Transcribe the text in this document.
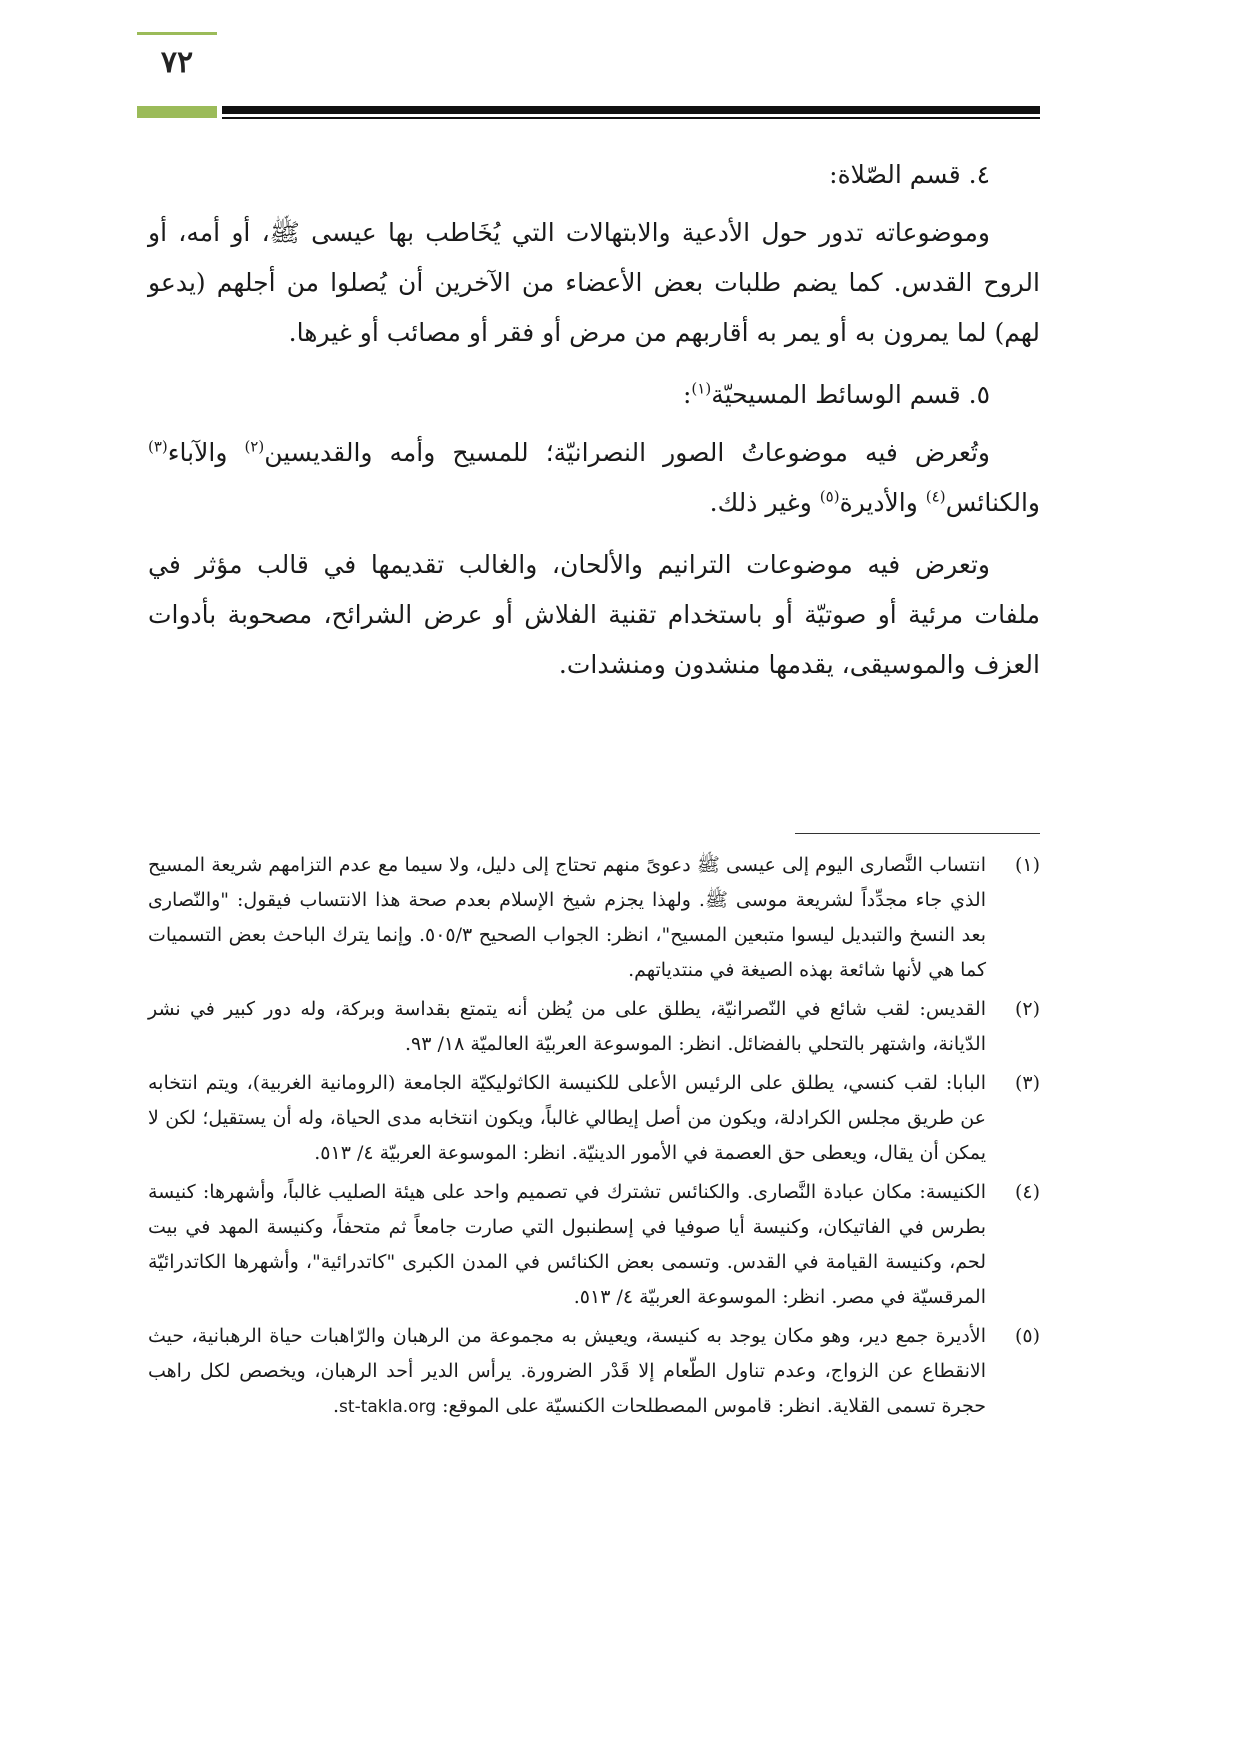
٧٢

٤. قسم الصّلاة:

وموضوعاته تدور حول الأدعية والابتهالات التي يُخَاطب بها عيسى ﷺ، أو أمه، أو الروح القدس. كما يضم طلبات بعض الأعضاء من الآخرين أن يُصلوا من أجلهم (يدعو لهم) لما يمرون به أو يمر به أقاربهم من مرض أو فقر أو مصائب أو غيرها.

٥. قسم الوسائط المسيحيّة$^{(١)}$:

وتُعرض فيه موضوعاتُ الصور النصرانيّة؛ للمسيح وأمه والقديسين$^{(٢)}$ والآباء$^{(٣)}$ والكنائس$^{(٤)}$ والأديرة$^{(٥)}$ وغير ذلك.

وتعرض فيه موضوعات الترانيم والألحان، والغالب تقديمها في قالب مؤثر في ملفات مرئية أو صوتيّة أو باستخدام تقنية الفلاش أو عرض الشرائح، مصحوبة بأدوات العزف والموسيقى، يقدمها منشدون ومنشدات.

(١)
انتساب النَّصارى اليوم إلى عيسى ﷺ دعوىً منهم تحتاج إلى دليل، ولا سيما مع عدم التزامهم شريعة المسيح الذي جاء مجدِّداً لشريعة موسى ﷺ. ولهذا يجزم شيخ الإسلام بعدم صحة هذا الانتساب فيقول: "والنّصارى بعد النسخ والتبديل ليسوا متبعين المسيح"، انظر: الجواب الصحيح ٥٠٥/٣. وإنما يترك الباحث بعض التسميات كما هي لأنها شائعة بهذه الصيغة في منتدياتهم.
(٢)
القديس: لقب شائع في النّصرانيّة، يطلق على من يُظن أنه يتمتع بقداسة وبركة، وله دور كبير في نشر الدّيانة، واشتهر بالتحلي بالفضائل. انظر: الموسوعة العربيّة العالميّة ١٨/ ٩٣.
(٣)
البابا: لقب كنسي، يطلق على الرئيس الأعلى للكنيسة الكاثوليكيّة الجامعة (الرومانية الغربية)، ويتم انتخابه عن طريق مجلس الكرادلة، ويكون من أصل إيطالي غالباً، ويكون انتخابه مدى الحياة، وله أن يستقيل؛ لكن لا يمكن أن يقال، ويعطى حق العصمة في الأمور الدينيّة. انظر: الموسوعة العربيّة ٤/ ٥١٣.
(٤)
الكنيسة: مكان عبادة النَّصارى. والكنائس تشترك في تصميم واحد على هيئة الصليب غالباً، وأشهرها: كنيسة بطرس في الفاتيكان، وكنيسة أيا صوفيا في إسطنبول التي صارت جامعاً ثم متحفاً، وكنيسة المهد في بيت لحم، وكنيسة القيامة في القدس. وتسمى بعض الكنائس في المدن الكبرى "كاتدرائية"، وأشهرها الكاتدرائيّة المرقسيّة في مصر. انظر: الموسوعة العربيّة ٤/ ٥١٣.
(٥)
الأديرة جمع دير، وهو مكان يوجد به كنيسة، ويعيش به مجموعة من الرهبان والرّاهبات حياة الرهبانية، حيث الانقطاع عن الزواج، وعدم تناول الطّعام إلا قَدْر الضرورة. يرأس الدير أحد الرهبان، ويخصص لكل راهب حجرة تسمى القلاية. انظر: قاموس المصطلحات الكنسيّة على الموقع: st-takla.org.
